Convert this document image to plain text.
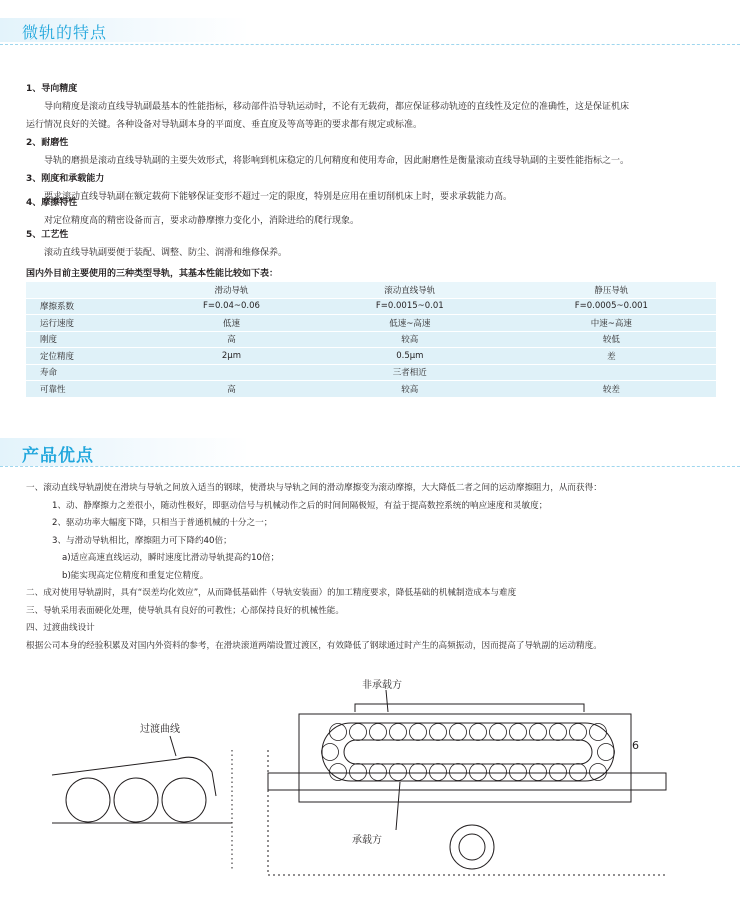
微轨的特点
1、导向精度
导向精度是滚动直线导轨副最基本的性能指标，移动部件沿导轨运动时，不论有无载荷，都应保证移动轨迹的直线性及定位的准确性，这是保证机床
运行情况良好的关键。各种设备对导轨副本身的平面度、垂直度及等高等距的要求都有规定或标准。
2、耐磨性
导轨的磨损是滚动直线导轨副的主要失效形式，将影响到机床稳定的几何精度和使用寿命，因此耐磨性是衡量滚动直线导轨副的主要性能指标之一。
3、刚度和承载能力
要求滚动直线导轨副在额定载荷下能够保证变形不超过一定的限度，特别是应用在重切削机床上时，要求承载能力高。
4、摩擦特性
对定位精度高的精密设备而言，要求动静摩擦力变化小，消除进给的爬行现象。
5、工艺性
滚动直线导轨副要便于装配、调整、防尘、润滑和维修保养。
国内外目前主要使用的三种类型导轨，其基本性能比较如下表：
	滑动导轨	滚动直线导轨	静压导轨
摩擦系数	F=0.04~0.06	F=0.0015~0.01	F=0.0005~0.001
运行速度	低速	低速~高速	中速~高速
刚度	高	较高	较低
定位精度	2μm	0.5μm	差
寿命		三者相近	
可靠性	高	较高	较差
产品优点
一、滚动直线导轨副使在滑块与导轨之间放入适当的钢球，使滑块与导轨之间的滑动摩擦变为滚动摩擦，大大降低二者之间的运动摩擦阻力，从而获得：
1、动、静摩擦力之差很小，随动性极好，即驱动信号与机械动作之后的时间间隔极短，有益于提高数控系统的响应速度和灵敏度；
2、驱动功率大幅度下降，只相当于普通机械的十分之一；
3、与滑动导轨相比，摩擦阻力可下降约40倍；
a)适应高速直线运动，瞬时速度比滑动导轨提高约10倍；
b)能实现高定位精度和重复定位精度。
二、成对使用导轨副时，具有“误差均化效应”，从而降低基础件（导轨安装面）的加工精度要求，降低基础的机械制造成本与难度
三、导轨采用表面硬化处理，使导轨具有良好的可教性；心部保持良好的机械性能。
四、过渡曲线设计
根据公司本身的经验积累及对国内外资料的参考，在滑块滚道两端设置过渡区，有效降低了钢球通过时产生的高频振动，因而提高了导轨副的运动精度。
过渡曲线
非承载方
承载方
6
